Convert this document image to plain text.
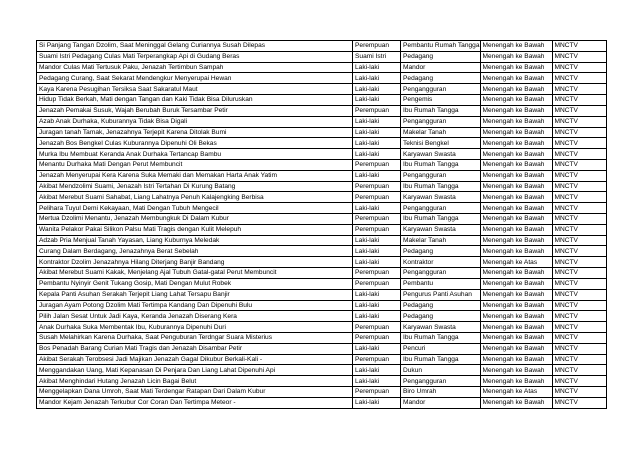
Si Panjang Tangan Dzolim, Saat Meninggal Gelang Curiannya Susah Dilepas	Perempuan	Pembantu Rumah Tangga	Menengah ke Bawah	MNCTV
Suami Istri Pedagang Culas Mati Terperangkap Api di Gudang Beras	Suami Istri	Pedagang	Menengah ke Bawah	MNCTV
Mandor Culas Mati Tertusuk Paku, Jenazah Tertimbun Sampah	Laki-laki	Mandor	Menengah ke Bawah	MNCTV
Pedagang Curang, Saat Sekarat Mendengkur Menyerupai Hewan	Laki-laki	Pedagang	Menengah ke Bawah	MNCTV
Kaya Karena Pesugihan Tersiksa Saat Sakaratul Maut	Laki-laki	Pengangguran	Menengah ke Bawah	MNCTV
Hidup Tidak Berkah, Mati dengan Tangan dan Kaki Tidak Bisa Diluruskan	Laki-laki	Pengemis	Menengah ke Bawah	MNCTV
Jenazah Pemakai Susuk, Wajah Berubah Buruk Tersambar Petir	Perempuan	Ibu Rumah Tangga	Menengah ke Bawah	MNCTV
Azab Anak Durhaka, Kuburannya Tidak Bisa Digali	Laki-laki	Pengangguran	Menengah ke Bawah	MNCTV
Juragan tanah Tamak, Jenazahnya Terjepit Karena Ditolak Bumi	Laki-laki	Makelar Tanah	Menengah ke Bawah	MNCTV
Jenazah Bos Bengkel Culas Kuburannya Dipenuhi Oli Bekas	Laki-laki	Teknisi Bengkel	Menengah ke Bawah	MNCTV
Murka Ibu Membuat Keranda Anak Durhaka Tertancap Bambu	Laki-laki	Karyawan Swasta	Menengah ke Bawah	MNCTV
Menantu Durhaka Mati Dengan Perut Membuncit	Perempuan	Ibu Rumah Tangga	Menengah ke Bawah	MNCTV
Jenazah Menyerupai Kera Karena Suka Memaki dan Memakan Harta Anak Yatim	Laki-laki	Pengangguran	Menengah ke Bawah	MNCTV
Akibat Mendzolimi Suami, Jenazah Istri Tertahan Di Kurung Batang	Perempuan	Ibu Rumah Tangga	Menengah ke Bawah	MNCTV
Akibat Merebut Suami Sahabat, Liang Lahatnya Penuh Kalajengking Berbisa	Perempuan	Karyawan Swasta	Menengah ke Bawah	MNCTV
Pelihara Tuyul Demi Kekayaan, Mati Dengan Tubuh Mengecil	Laki-laki	Pengangguran	Menengah ke Bawah	MNCTV
Mertua Dzolimi Menantu, Jenazah Membungkuk Di Dalam Kubur	Perempuan	Ibu Rumah Tangga	Menengah ke Bawah	MNCTV
Wanita Pelakor Pakai Silikon Palsu Mati Tragis dengan Kulit Melepuh	Perempuan	Karyawan Swasta	Menengah ke Bawah	MNCTV
Adzab Pria Menjual Tanah Yayasan, Liang Kuburnya Meledak	Laki-laki	Makelar Tanah	Menengah ke Bawah	MNCTV
Curang Dalam Berdagang, Jenazahnya Berat Sebelah	Laki-laki	Pedagang	Menengah ke Bawah	MNCTV
Kontraktor Dzolim Jenazahnya Hilang Diterjang Banjir Bandang	Laki-laki	Kontraktor	Menengah ke Atas	MNCTV
Akibat Merebut Suami Kakak, Menjelang Ajal Tubuh Gatal-gatal Perut Membuncit	Perempuan	Pengangguran	Menengah ke Bawah	MNCTV
Pembantu Nyinyir Genit Tukang Gosip, Mati Dengan Mulut Robek	Perempuan	Pembantu	Menengah ke Bawah	MNCTV
Kepala Panti Asuhan Serakah Terjepit Liang Lahat Tersapu Banjir	Laki-laki	Pengurus Panti Asuhan	Menengah ke Bawah	MNCTV
Juragan Ayam Potong Dzolim Mati Tertimpa Kandang Dan Dipenuhi Bulu	Laki-laki	Pedagang	Menengah ke Bawah	MNCTV
Pilih Jalan Sesat Untuk Jadi Kaya, Keranda Jenazah Diserang Kera	Laki-laki	Pedagang	Menengah ke Bawah	MNCTV
Anak Durhaka Suka Membentak Ibu, Kuburannya Dipenuhi Duri	Perempuan	Karyawan Swasta	Menengah ke Bawah	MNCTV
Susah Melahirkan Karena Durhaka, Saat Penguburan Terdngar Suara Misterius	Perempuan	Ibu Rumah Tangga	Menengah ke Bawah	MNCTV
Bos Penadah Barang Curian Mati Tragis dan Jenazah Disambar Petir	Laki-laki	Pencuri	Menengah ke Bawah	MNCTV
Akibat Serakah Terobsesi Jadi Majikan Jenazah Gagal Dikubur Berkali-Kali -	Perempuan	Ibu Rumah Tangga	Menengah ke Bawah	MNCTV
Menggandakan Uang, Mati Kepanasan Di Penjara Dan Liang Lahat Dipenuhi Api	Laki-laki	Dukun	Menengah ke Bawah	MNCTV
Akibat Menghindari Hutang Jenazah Licin Bagai Belut	Laki-laki	Pengangguran	Menengah ke Bawah	MNCTV
Menggelapkan Dana Umroh, Saat Mati Terdengar Ratapan Dari Dalam Kubur	Perempuan	Biro Umrah	Menengah ke Atas	MNCTV
Mandor Kejam Jenazah Terkubur Cor Coran Dan Tertimpa Meteor -	Laki-laki	Mandor	Menengah ke Bawah	MNCTV
